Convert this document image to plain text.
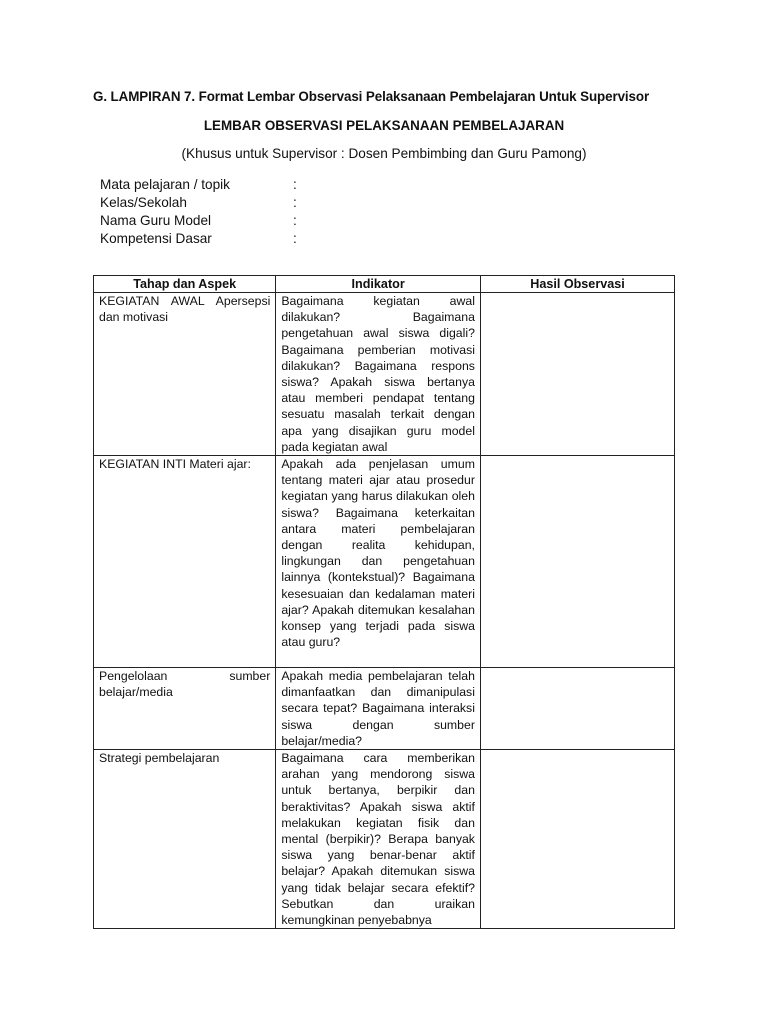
G. LAMPIRAN 7. Format Lembar Observasi Pelaksanaan Pembelajaran Untuk Supervisor
LEMBAR OBSERVASI PELAKSANAAN PEMBELAJARAN
(Khusus untuk Supervisor : Dosen Pembimbing dan Guru Pamong)
Mata pelajaran / topik	:
Kelas/Sekolah	:
Nama Guru Model	:
Kompetensi Dasar	:
Tahap dan Aspek	Indikator	Hasil Observasi
KEGIATAN AWAL Apersepsi dan motivasi	Bagaimana kegiatan awal dilakukan? Bagaimana pengetahuan awal siswa digali? Bagaimana pemberian motivasi dilakukan? Bagaimana respons siswa? Apakah siswa bertanya atau memberi pendapat tentang sesuatu masalah terkait dengan apa yang disajikan guru model pada kegiatan awal	
KEGIATAN INTI Materi ajar:	Apakah ada penjelasan umum tentang materi ajar atau prosedur kegiatan yang harus dilakukan oleh siswa? Bagaimana keterkaitan antara materi pembelajaran dengan realita kehidupan, lingkungan dan pengetahuan lainnya (kontekstual)? Bagaimana kesesuaian dan kedalaman materi ajar? Apakah ditemukan kesalahan konsep yang terjadi pada siswa atau guru?	
Pengelolaan sumber belajar/media	Apakah media pembelajaran telah dimanfaatkan dan dimanipulasi secara tepat? Bagaimana interaksi siswa dengan sumber belajar/media?	
Strategi pembelajaran	Bagaimana cara memberikan arahan yang mendorong siswa untuk bertanya, berpikir dan beraktivitas? Apakah siswa aktif melakukan kegiatan fisik dan mental (berpikir)? Berapa banyak siswa yang benar-benar aktif belajar? Apakah ditemukan siswa yang tidak belajar secara efektif? Sebutkan dan uraikan kemungkinan penyebabnya	
